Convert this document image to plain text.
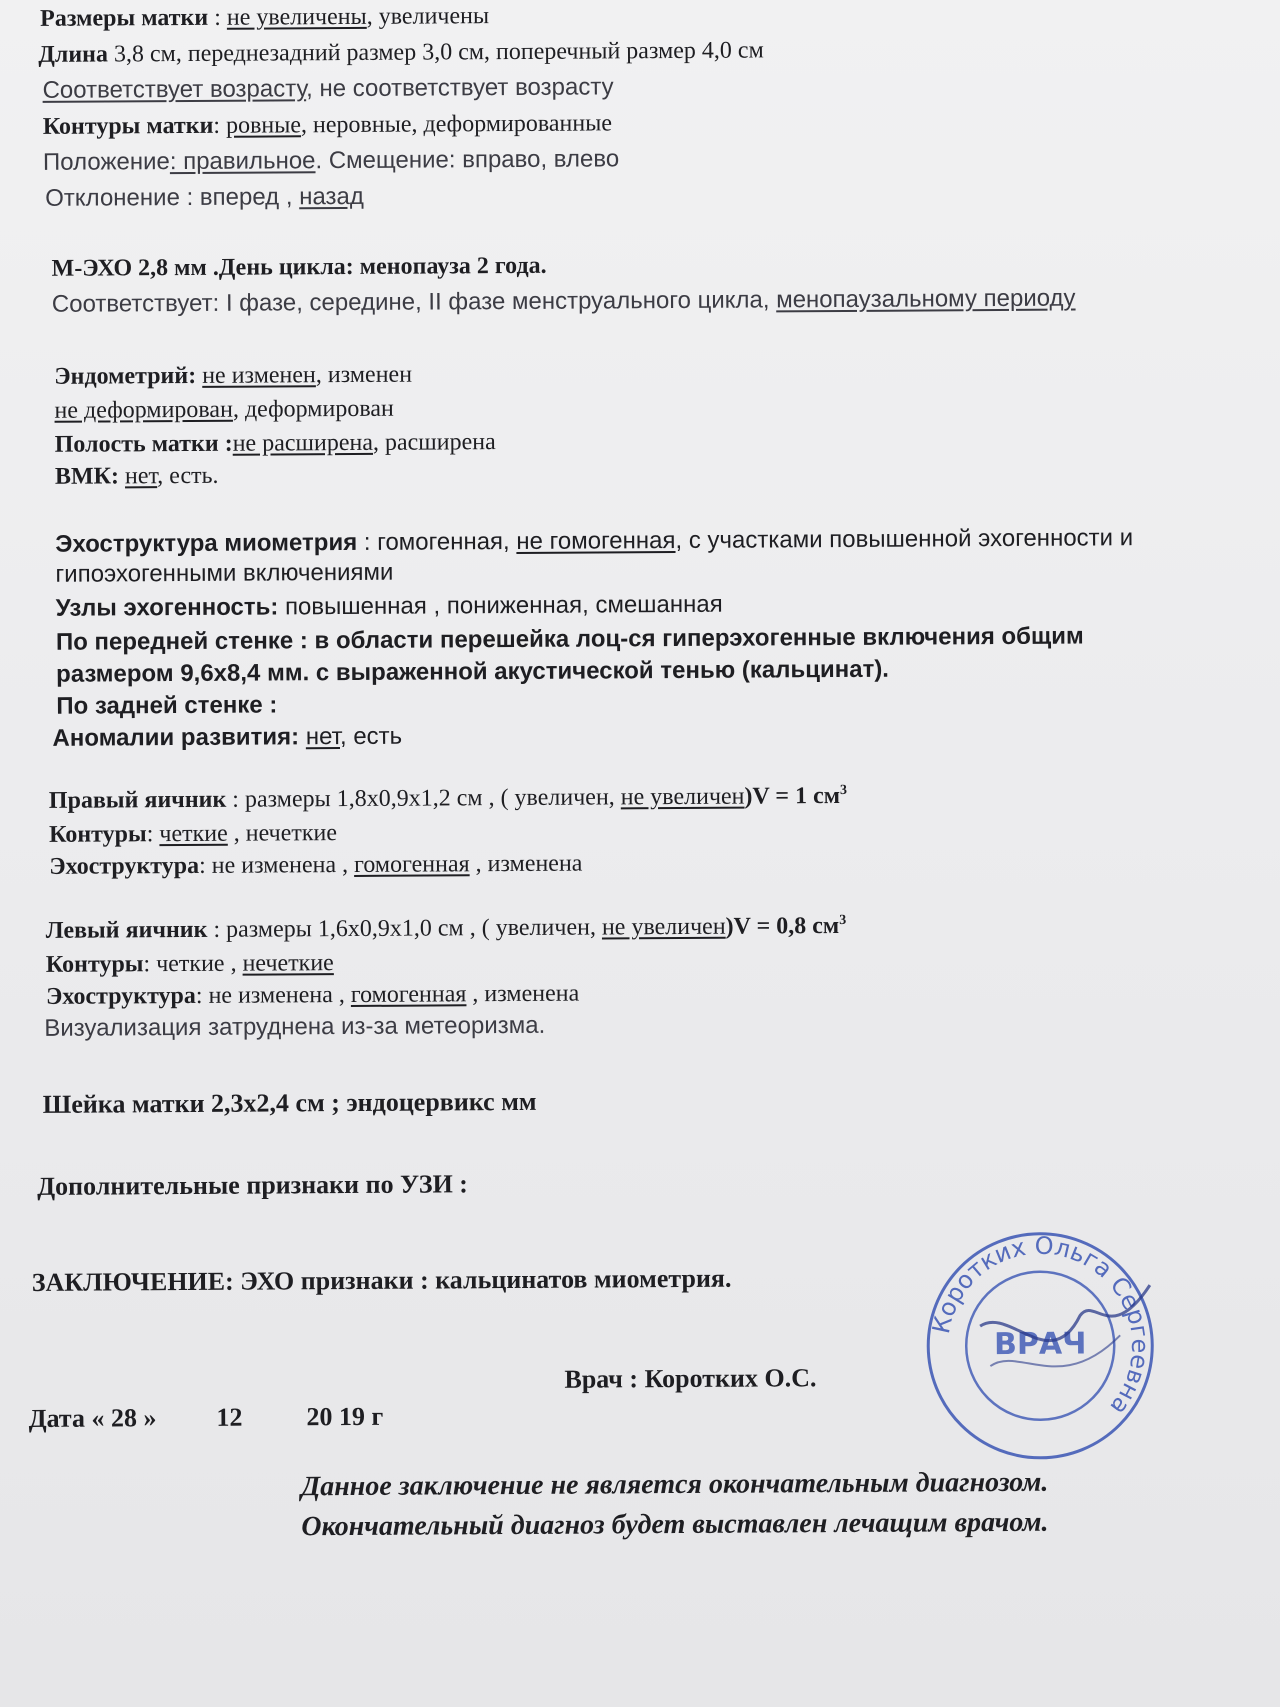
Размеры матки : не увеличены, увеличены
Длина 3,8 см, переднезадний размер 3,0 см, поперечный размер 4,0 см
Соответствует возрасту, не соответствует возрасту
Контуры матки: ровные, неровные, деформированные
Положение: правильное. Смещение: вправо, влево
Отклонение : вперед , назад
М-ЭХО 2,8 мм .День цикла: менопауза 2 года.
Соответствует: I фазе, середине, II фазе менструального цикла, менопаузальному периоду
Эндометрий: не изменен, изменен
не деформирован, деформирован
Полость матки :не расширена, расширена
ВМК: нет, есть.
Эхоструктура миометрия : гомогенная, не гомогенная, с участками повышенной эхогенности и
гипоэхогенными включениями
Узлы эхогенность: повышенная , пониженная, смешанная
По передней стенке : в области перешейка лоц-ся гиперэхогенные включения общим
размером 9,6х8,4 мм. с выраженной акустической тенью (кальцинат).
По задней стенке :
Аномалии развития: нет, есть
Правый яичник : размеры 1,8х0,9х1,2 см , ( увеличен, не увеличен)V = 1 $см^3$
Контуры: четкие , нечеткие
Эхоструктура: не изменена , гомогенная , изменена
Левый яичник : размеры 1,6х0,9х1,0 см , ( увеличен, не увеличен)V = 0,8 $см^3$
Контуры: четкие , нечеткие
Эхоструктура: не изменена , гомогенная , изменена
Визуализация затруднена из-за метеоризма.
Шейка матки 2,3х2,4 см ; эндоцервикс мм
Дополнительные признаки по УЗИ :
ЗАКЛЮЧЕНИЕ: ЭХО признаки : кальцинатов миометрия.
Дата « 28 » 12 20 19 г
Врач : Коротких О.С.
Данное заключение не является окончательным диагнозом.
Окончательный диагноз будет выставлен лечащим врачом.
Коротких Ольга Сергеевна
ВРАЧ
